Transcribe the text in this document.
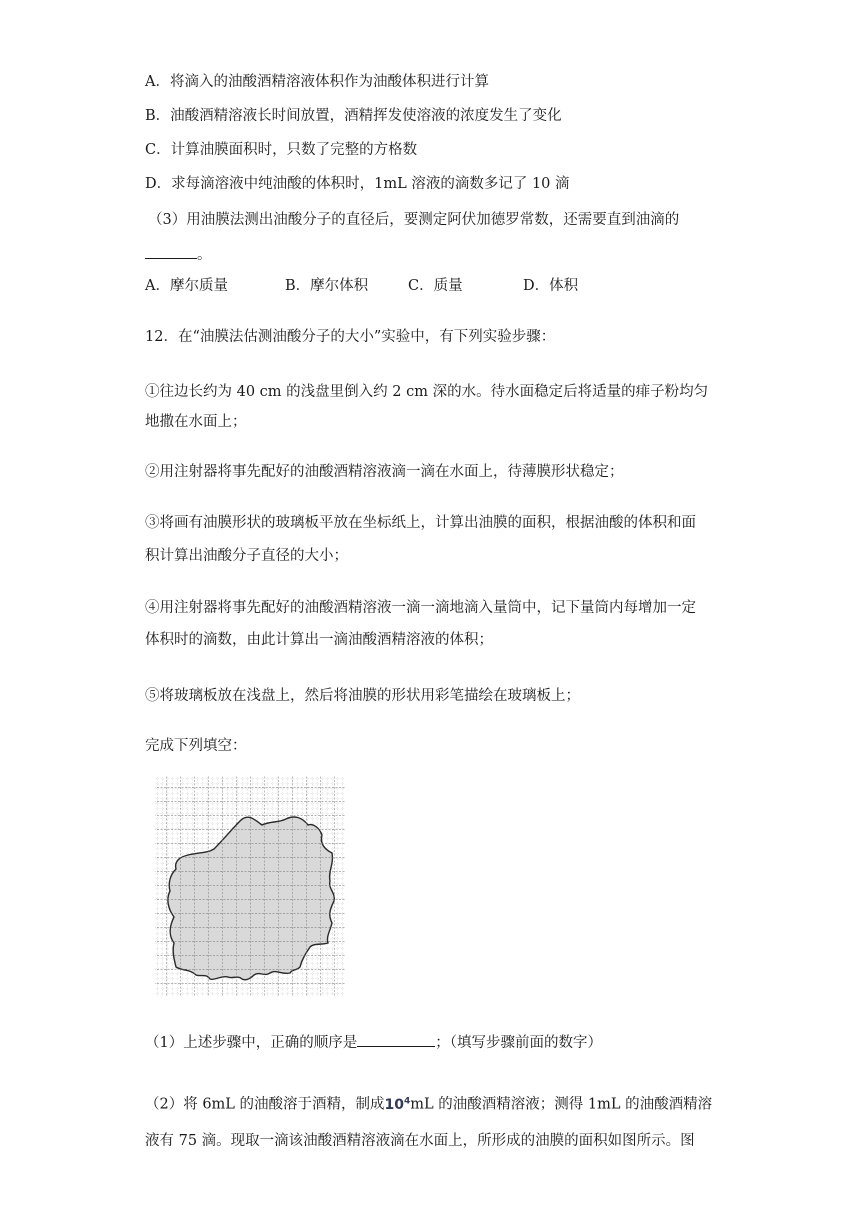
A．将滴入的油酸酒精溶液体积作为油酸体积进行计算
B．油酸酒精溶液长时间放置，酒精挥发使溶液的浓度发生了变化
C．计算油膜面积时，只数了完整的方格数
D．求每滴溶液中纯油酸的体积时，1mL 溶液的滴数多记了 10 滴
（3）用油膜法测出油酸分子的直径后，要测定阿伏加德罗常数，还需要直到油滴的
。
A．摩尔质量	B．摩尔体积	C．质量	D．体积
12．在“油膜法估测油酸分子的大小”实验中，有下列实验步骤：
①往边长约为 40 cm 的浅盘里倒入约 2 cm 深的水。待水面稳定后将适量的痱子粉均匀
地撒在水面上；
②用注射器将事先配好的油酸酒精溶液滴一滴在水面上，待薄膜形状稳定；
③将画有油膜形状的玻璃板平放在坐标纸上，计算出油膜的面积，根据油酸的体积和面
积计算出油酸分子直径的大小；
④用注射器将事先配好的油酸酒精溶液一滴一滴地滴入量筒中，记下量筒内每增加一定
体积时的滴数，由此计算出一滴油酸酒精溶液的体积；
⑤将玻璃板放在浅盘上，然后将油膜的形状用彩笔描绘在玻璃板上；
完成下列填空：
（1）上述步骤中，正确的顺序是	；（填写步骤前面的数字）
（2）将 6mL 的油酸溶于酒精，制成$10^4mL$ 的油酸酒精溶液；测得 1mL 的油酸酒精溶
液有 75 滴。现取一滴该油酸酒精溶液滴在水面上，所形成的油膜的面积如图所示。图
